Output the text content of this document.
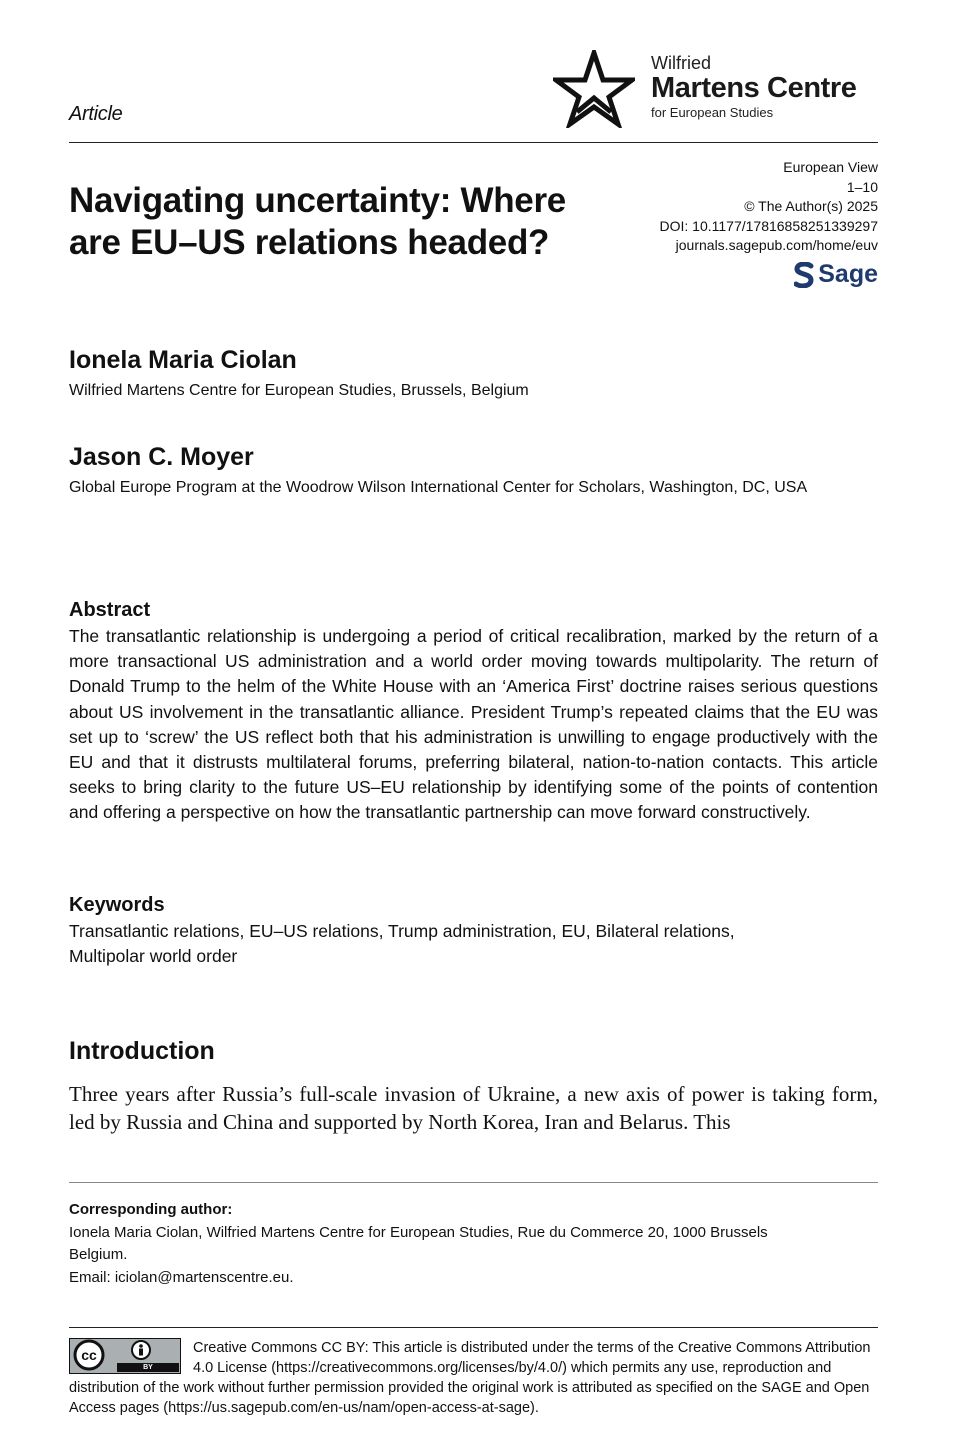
Article
Wilfried
Martens Centre
for European Studies
Navigating uncertainty: Where
are EU–US relations headed?
European View
1–10
© The Author(s) 2025
DOI: 10.1177/17816858251339297
journals.sagepub.com/home/euv
Sage

Ionela Maria Ciolan

Wilfried Martens Centre for European Studies, Brussels, Belgium

Jason C. Moyer

Global Europe Program at the Woodrow Wilson International Center for Scholars, Washington, DC, USA

Abstract

The transatlantic relationship is undergoing a period of critical recalibration, marked by the return of a more transactional US administration and a world order moving towards multipolarity. The return of Donald Trump to the helm of the White House with an ‘America First’ doctrine raises serious questions about US involvement in the transatlantic alliance. President Trump’s repeated claims that the EU was set up to ‘screw’ the US reflect both that his administration is unwilling to engage productively with the EU and that it distrusts multilateral forums, preferring bilateral, nation-to-nation contacts. This article seeks to bring clarity to the future US–EU relationship by identifying some of the points of contention and offering a perspective on how the transatlantic partnership can move forward constructively.

Keywords

Transatlantic relations, EU–US relations, Trump administration, EU, Bilateral relations, Multipolar world order

Introduction

Three years after Russia’s full-scale invasion of Ukraine, a new axis of power is taking form, led by Russia and China and supported by North Korea, Iran and Belarus. This

Corresponding author:
Ionela Maria Ciolan, Wilfried Martens Centre for European Studies, Rue du Commerce 20, 1000 Brussels
Belgium.
Email: iciolan@martenscentre.eu.
cc
BY
Creative Commons CC BY: This article is distributed under the terms of the Creative Commons Attribution 4.0 License (https://creativecommons.org/licenses/by/4.0/) which permits any use, reproduction and distribution of the work without further permission provided the original work is attributed as specified on the SAGE and Open Access pages (https://us.sagepub.com/en-us/nam/open-access-at-sage).
